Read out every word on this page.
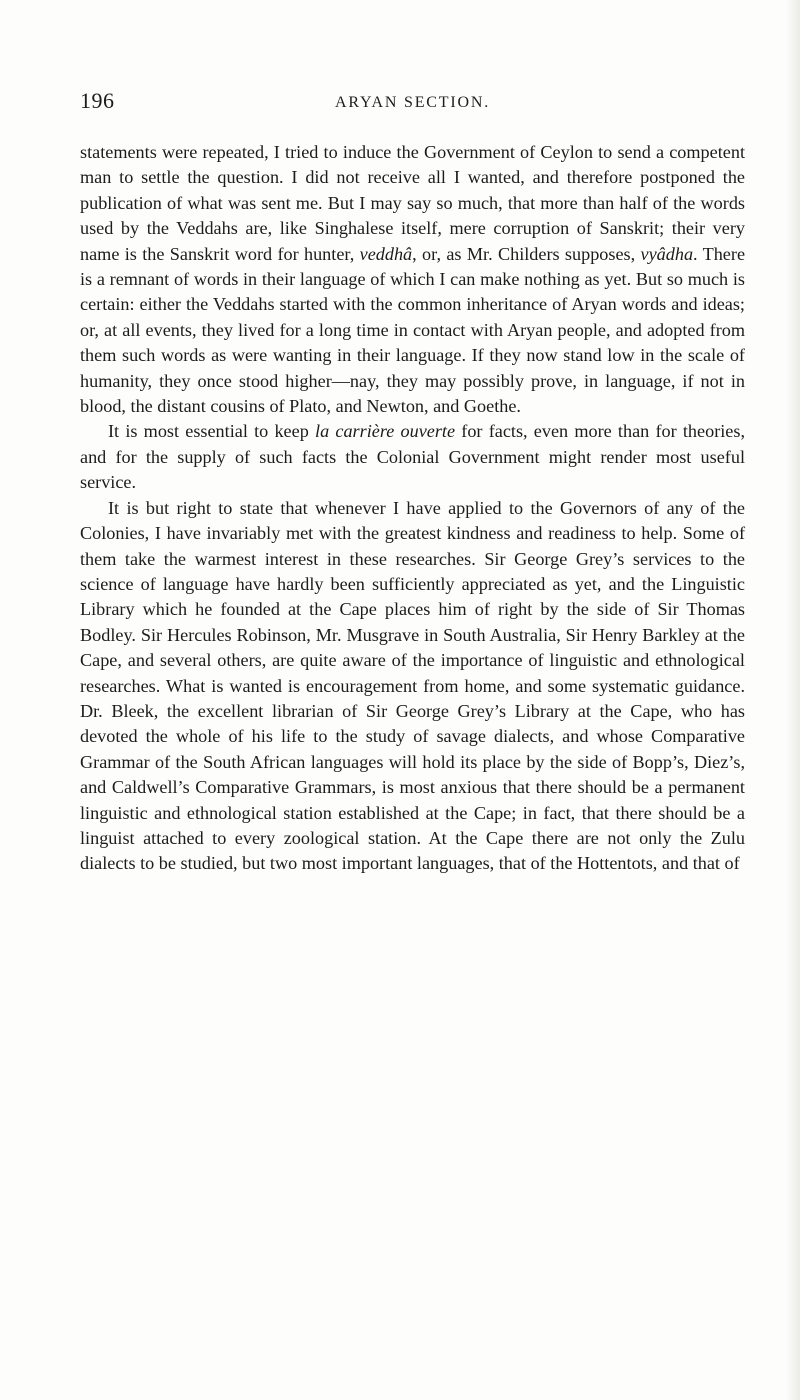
196	ARYAN SECTION.

statements were repeated, I tried to induce the Government of Ceylon to send a competent man to settle the question. I did not receive all I wanted, and therefore postponed the publication of what was sent me. But I may say so much, that more than half of the words used by the Veddahs are, like Singhalese itself, mere corruption of Sanskrit; their very name is the Sanskrit word for hunter, veddhâ, or, as Mr. Childers supposes, vyâdha. There is a remnant of words in their language of which I can make nothing as yet. But so much is certain: either the Veddahs started with the common inheritance of Aryan words and ideas; or, at all events, they lived for a long time in contact with Aryan people, and adopted from them such words as were wanting in their language. If they now stand low in the scale of humanity, they once stood higher—nay, they may possibly prove, in language, if not in blood, the distant cousins of Plato, and Newton, and Goethe.

It is most essential to keep la carrière ouverte for facts, even more than for theories, and for the supply of such facts the Colonial Government might render most useful service.

It is but right to state that whenever I have applied to the Governors of any of the Colonies, I have invariably met with the greatest kindness and readiness to help. Some of them take the warmest interest in these researches. Sir George Grey’s services to the science of language have hardly been sufficiently appreciated as yet, and the Linguistic Library which he founded at the Cape places him of right by the side of Sir Thomas Bodley. Sir Hercules Robinson, Mr. Musgrave in South Australia, Sir Henry Barkley at the Cape, and several others, are quite aware of the importance of linguistic and ethnological researches. What is wanted is encouragement from home, and some systematic guidance. Dr. Bleek, the excellent librarian of Sir George Grey’s Library at the Cape, who has devoted the whole of his life to the study of savage dialects, and whose Comparative Grammar of the South African languages will hold its place by the side of Bopp’s, Diez’s, and Caldwell’s Comparative Grammars, is most anxious that there should be a permanent linguistic and ethnological station established at the Cape; in fact, that there should be a linguist attached to every zoological station. At the Cape there are not only the Zulu dialects to be studied, but two most important languages, that of the Hottentots, and that of
